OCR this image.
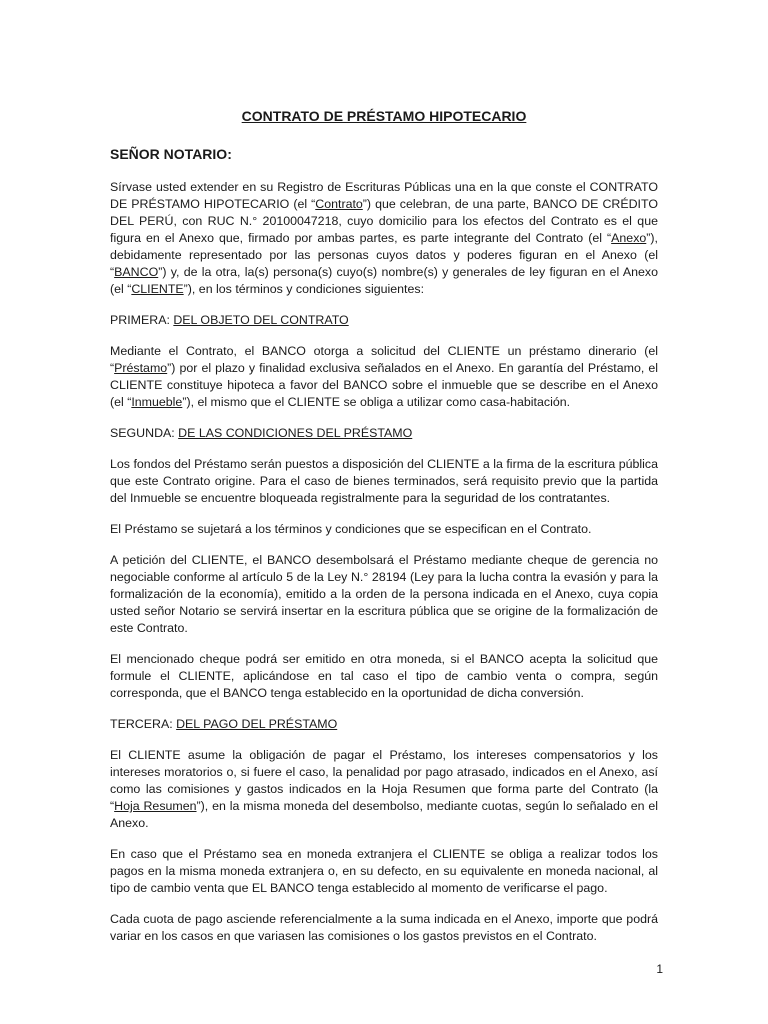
CONTRATO DE PRÉSTAMO HIPOTECARIO
SEÑOR NOTARIO:

Sírvase usted extender en su Registro de Escrituras Públicas una en la que conste el CONTRATO DE PRÉSTAMO HIPOTECARIO (el “Contrato”) que celebran, de una parte, BANCO DE CRÉDITO DEL PERÚ, con RUC N.° 20100047218, cuyo domicilio para los efectos del Contrato es el que figura en el Anexo que, firmado por ambas partes, es parte integrante del Contrato (el “Anexo”), debidamente representado por las personas cuyos datos y poderes figuran en el Anexo (el “BANCO”) y, de la otra, la(s) persona(s) cuyo(s) nombre(s) y generales de ley figuran en el Anexo (el “CLIENTE”), en los términos y condiciones siguientes:

PRIMERA: DEL OBJETO DEL CONTRATO

Mediante el Contrato, el BANCO otorga a solicitud del CLIENTE un préstamo dinerario (el “Préstamo”) por el plazo y finalidad exclusiva señalados en el Anexo. En garantía del Préstamo, el CLIENTE constituye hipoteca a favor del BANCO sobre el inmueble que se describe en el Anexo (el “Inmueble”), el mismo que el CLIENTE se obliga a utilizar como casa-habitación.

SEGUNDA: DE LAS CONDICIONES DEL PRÉSTAMO

Los fondos del Préstamo serán puestos a disposición del CLIENTE a la firma de la escritura pública que este Contrato origine. Para el caso de bienes terminados, será requisito previo que la partida del Inmueble se encuentre bloqueada registralmente para la seguridad de los contratantes.

El Préstamo se sujetará a los términos y condiciones que se especifican en el Contrato.

A petición del CLIENTE, el BANCO desembolsará el Préstamo mediante cheque de gerencia no negociable conforme al artículo 5 de la Ley N.° 28194 (Ley para la lucha contra la evasión y para la formalización de la economía), emitido a la orden de la persona indicada en el Anexo, cuya copia usted señor Notario se servirá insertar en la escritura pública que se origine de la formalización de este Contrato.

El mencionado cheque podrá ser emitido en otra moneda, si el BANCO acepta la solicitud que formule el CLIENTE, aplicándose en tal caso el tipo de cambio venta o compra, según corresponda, que el BANCO tenga establecido en la oportunidad de dicha conversión.

TERCERA: DEL PAGO DEL PRÉSTAMO

El CLIENTE asume la obligación de pagar el Préstamo, los intereses compensatorios y los intereses moratorios o, si fuere el caso, la penalidad por pago atrasado, indicados en el Anexo, así como las comisiones y gastos indicados en la Hoja Resumen que forma parte del Contrato (la “Hoja Resumen”), en la misma moneda del desembolso, mediante cuotas, según lo señalado en el Anexo.

En caso que el Préstamo sea en moneda extranjera el CLIENTE se obliga a realizar todos los pagos en la misma moneda extranjera o, en su defecto, en su equivalente en moneda nacional, al tipo de cambio venta que EL BANCO tenga establecido al momento de verificarse el pago.

Cada cuota de pago asciende referencialmente a la suma indicada en el Anexo, importe que podrá variar en los casos en que variasen las comisiones o los gastos previstos en el Contrato.

1
